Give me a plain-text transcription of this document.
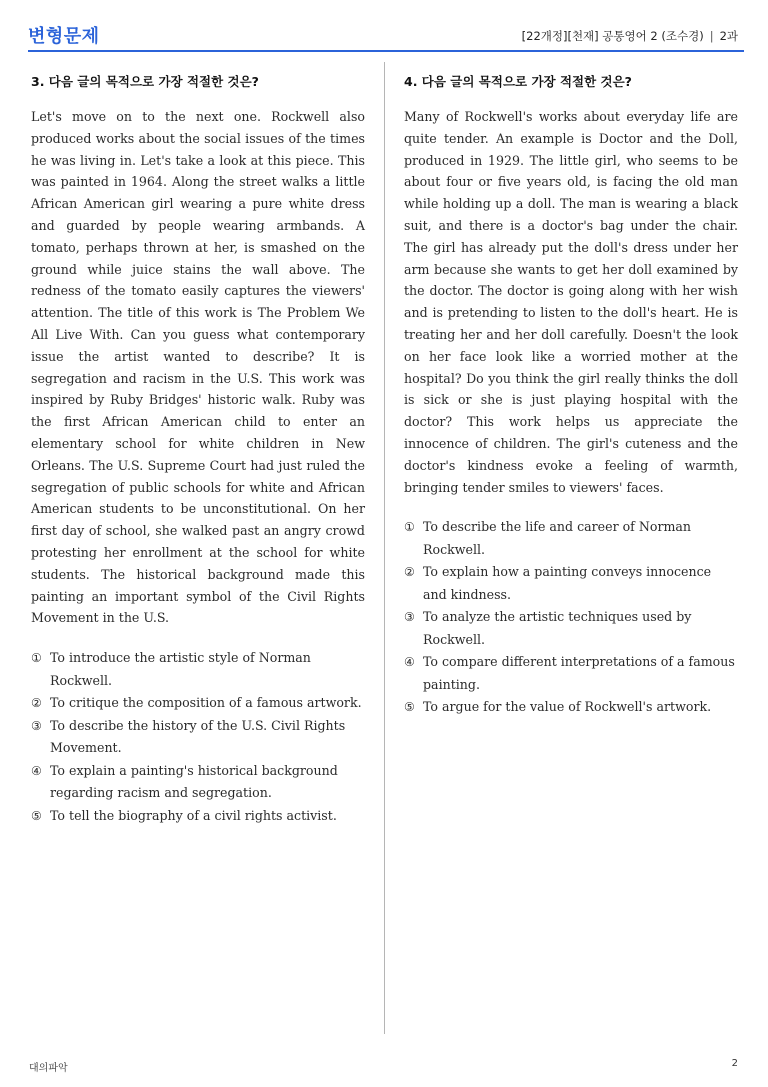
변형문제	[22개정][천재] 공통영어 2 (조수경) | 2과
3. 다음 글의 목적으로 가장 적절한 것은?

Let's move on to the next one. Rockwell also produced works about the social issues of the times he was living in. Let's take a look at this piece. This was painted in 1964. Along the street walks a little African American girl wearing a pure white dress and guarded by people wearing armbands. A tomato, perhaps thrown at her, is smashed on the ground while juice stains the wall above. The redness of the tomato easily captures the viewers' attention. The title of this work is The Problem We All Live With. Can you guess what contemporary issue the artist wanted to describe? It is segregation and racism in the U.S. This work was inspired by Ruby Bridges' historic walk. Ruby was the first African American child to enter an elementary school for white children in New Orleans. The U.S. Supreme Court had just ruled the segregation of public schools for white and African American students to be unconstitutional. On her first day of school, she walked past an angry crowd protesting her enrollment at the school for white students. The historical background made this painting an important symbol of the Civil Rights Movement in the U.S.

① To introduce the artistic style of Norman Rockwell.
② To critique the composition of a famous artwork.
③ To describe the history of the U.S. Civil Rights Movement.
④ To explain a painting's historical background regarding racism and segregation.
⑤ To tell the biography of a civil rights activist.
4. 다음 글의 목적으로 가장 적절한 것은?

Many of Rockwell's works about everyday life are quite tender. An example is Doctor and the Doll, produced in 1929. The little girl, who seems to be about four or five years old, is facing the old man while holding up a doll. The man is wearing a black suit, and there is a doctor's bag under the chair. The girl has already put the doll's dress under her arm because she wants to get her doll examined by the doctor. The doctor is going along with her wish and is pretending to listen to the doll's heart. He is treating her and her doll carefully. Doesn't the look on her face look like a worried mother at the hospital? Do you think the girl really thinks the doll is sick or she is just playing hospital with the doctor? This work helps us appreciate the innocence of children. The girl's cuteness and the doctor's kindness evoke a feeling of warmth, bringing tender smiles to viewers' faces.

① To describe the life and career of Norman Rockwell.
② To explain how a painting conveys innocence and kindness.
③ To analyze the artistic techniques used by Rockwell.
④ To compare different interpretations of a famous painting.
⑤ To argue for the value of Rockwell's artwork.
대의파악	2
